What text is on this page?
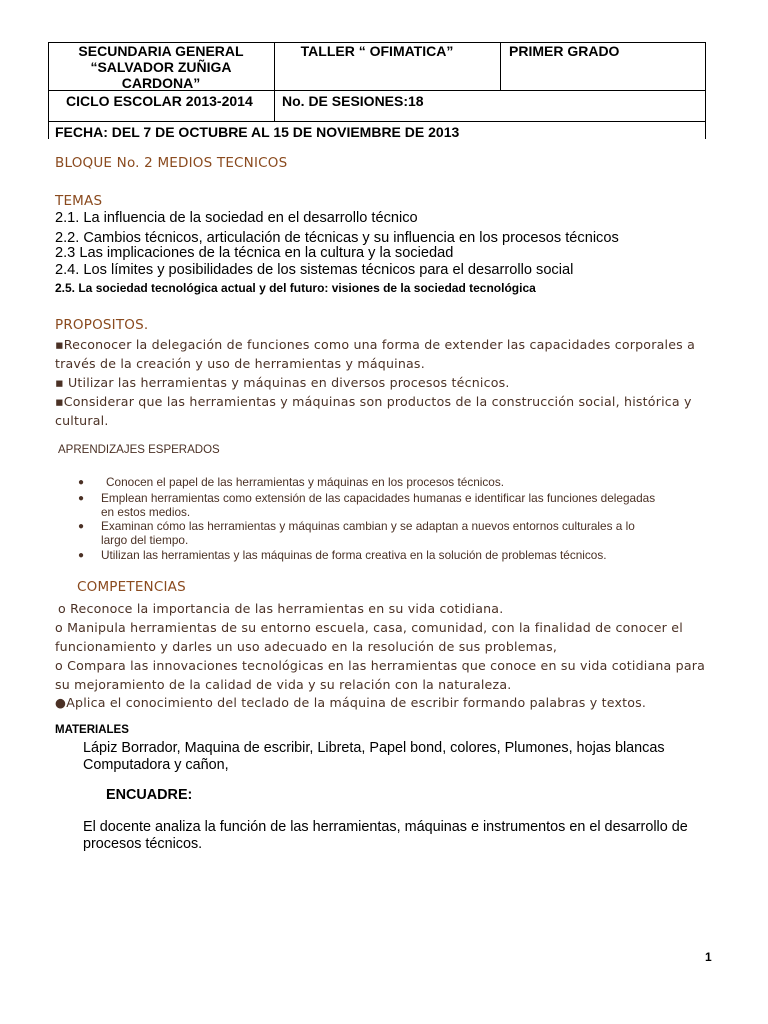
SECUNDARIA GENERAL
“SALVADOR ZUÑIGA
CARDONA”
TALLER “ OFIMATICA”	PRIMER GRADO
CICLO ESCOLAR 2013-2014 No. DE SESIONES:18
FECHA: DEL 7 DE OCTUBRE AL 15 DE NOVIEMBRE DE 2013
BLOQUE No. 2 MEDIOS TECNICOS
TEMAS
2.1. La influencia de la sociedad en el desarrollo técnico
2.2. Cambios técnicos, articulación de técnicas y su influencia en los procesos técnicos
2.3 Las implicaciones de la técnica en la cultura y la sociedad
2.4. Los límites y posibilidades de los sistemas técnicos para el desarrollo social
2.5. La sociedad tecnológica actual y del futuro: visiones de la sociedad tecnológica
PROPOSITOS.
▪Reconocer la delegación de funciones como una forma de extender las capacidades corporales a
través de la creación y uso de herramientas y máquinas.
▪ Utilizar las herramientas y máquinas en diversos procesos técnicos.
▪Considerar que las herramientas y máquinas son productos de la construcción social, histórica y
cultural.
APRENDIZAJES ESPERADOS
● Conocen el papel de las herramientas y máquinas en los procesos técnicos.
● Emplean herramientas como extensión de las capacidades humanas e identificar las funciones delegadas
en estos medios.
● Examinan cómo las herramientas y máquinas cambian y se adaptan a nuevos entornos culturales a lo
largo del tiempo.
● Utilizan las herramientas y las máquinas de forma creativa en la solución de problemas técnicos.
COMPETENCIAS
o Reconoce la importancia de las herramientas en su vida cotidiana.
o Manipula herramientas de su entorno escuela, casa, comunidad, con la finalidad de conocer el
funcionamiento y darles un uso adecuado en la resolución de sus problemas,
o Compara las innovaciones tecnológicas en las herramientas que conoce en su vida cotidiana para
su mejoramiento de la calidad de vida y su relación con la naturaleza.
●Aplica el conocimiento del teclado de la máquina de escribir formando palabras y textos.
MATERIALES
Lápiz Borrador, Maquina de escribir, Libreta, Papel bond, colores, Plumones, hojas blancas
Computadora y cañon,
ENCUADRE:
El docente analiza la función de las herramientas, máquinas e instrumentos en el desarrollo de
procesos técnicos.
1
